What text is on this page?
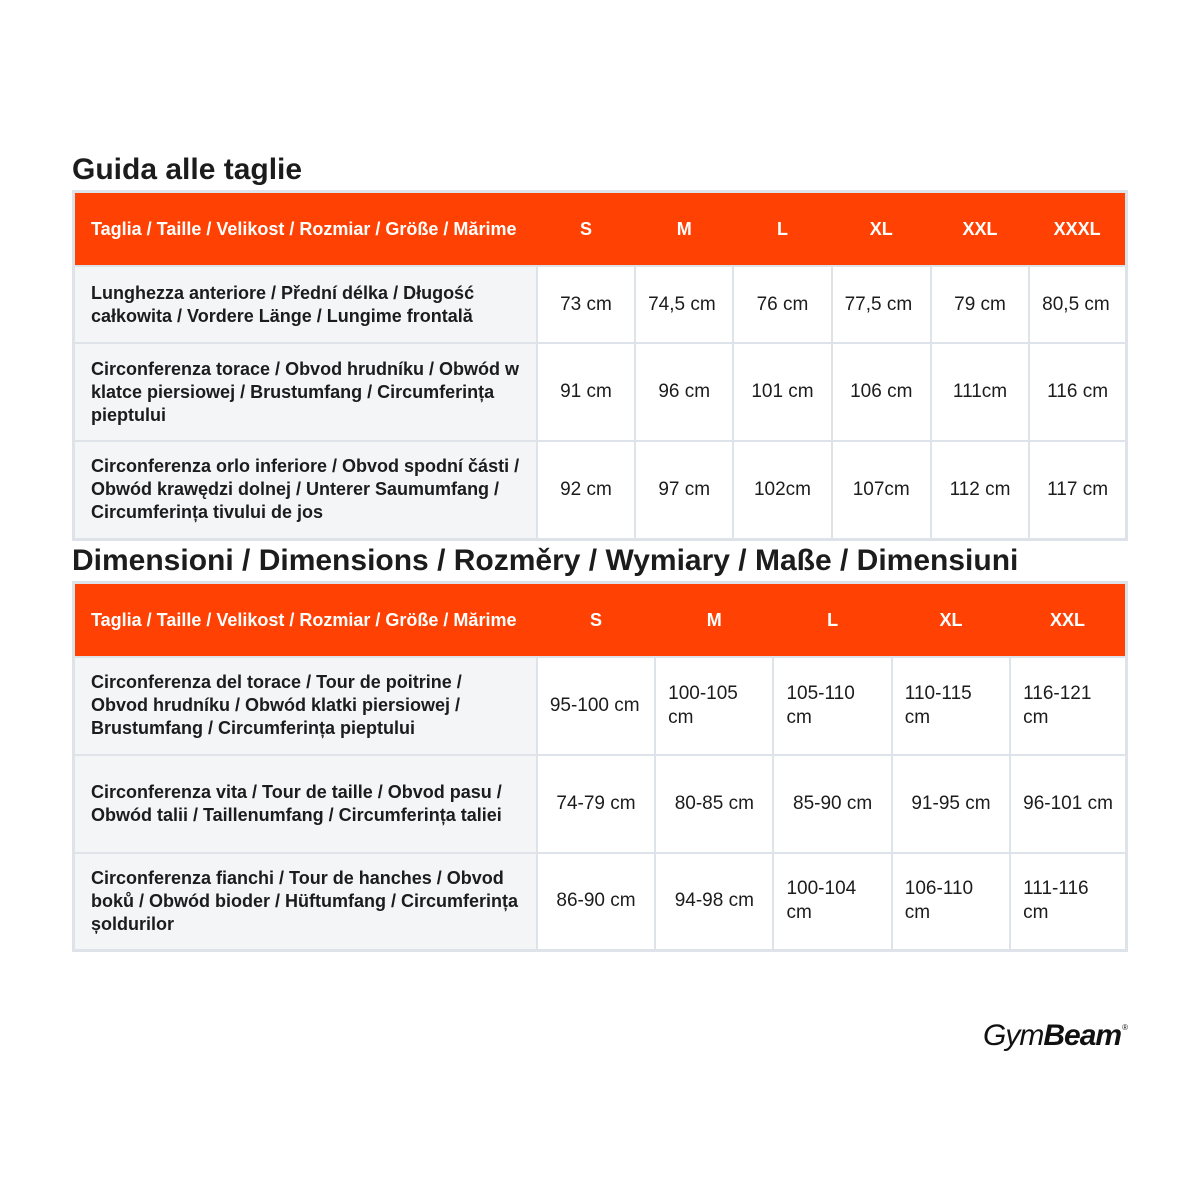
Guida alle taglie
Taglia / Taille / Velikost / Rozmiar / Größe / Mărime	S	M	L	XL	XXL	XXXL
Lunghezza anteriore / Přední délka / Długość całkowita / Vordere Länge / Lungime frontală	73 cm	74,5 cm	76 cm	77,5 cm	79 cm	80,5 cm
Circonferenza torace / Obvod hrudníku / Obwód w klatce piersiowej / Brustumfang / Circumferința pieptului	91 cm	96 cm	101 cm	106 cm	111cm	116 cm
Circonferenza orlo inferiore / Obvod spodní části / Obwód krawędzi dolnej / Unterer Saumumfang / Circumferința tivului de jos	92 cm	97 cm	102cm	107cm	112 cm	117 cm
Dimensioni / Dimensions / Rozměry / Wymiary / Maße / Dimensiuni
Taglia / Taille / Velikost / Rozmiar / Größe / Mărime	S	M	L	XL	XXL
Circonferenza del torace / Tour de poitrine / Obvod hrudníku / Obwód klatki piersiowej / Brustumfang / Circumferința pieptului	95-100 cm	100-105 cm	105-110 cm	110-115 cm	116-121 cm
Circonferenza vita / Tour de taille / Obvod pasu / Obwód talii / Taillenumfang / Circumferința taliei	74-79 cm	80-85 cm	85-90 cm	91-95 cm	96-101 cm
Circonferenza fianchi / Tour de hanches / Obvod boků / Obwód bioder / Hüftumfang / Circumferința șoldurilor	86-90 cm	94-98 cm	100-104 cm	106-110 cm	111-116 cm
GymBeam ®
